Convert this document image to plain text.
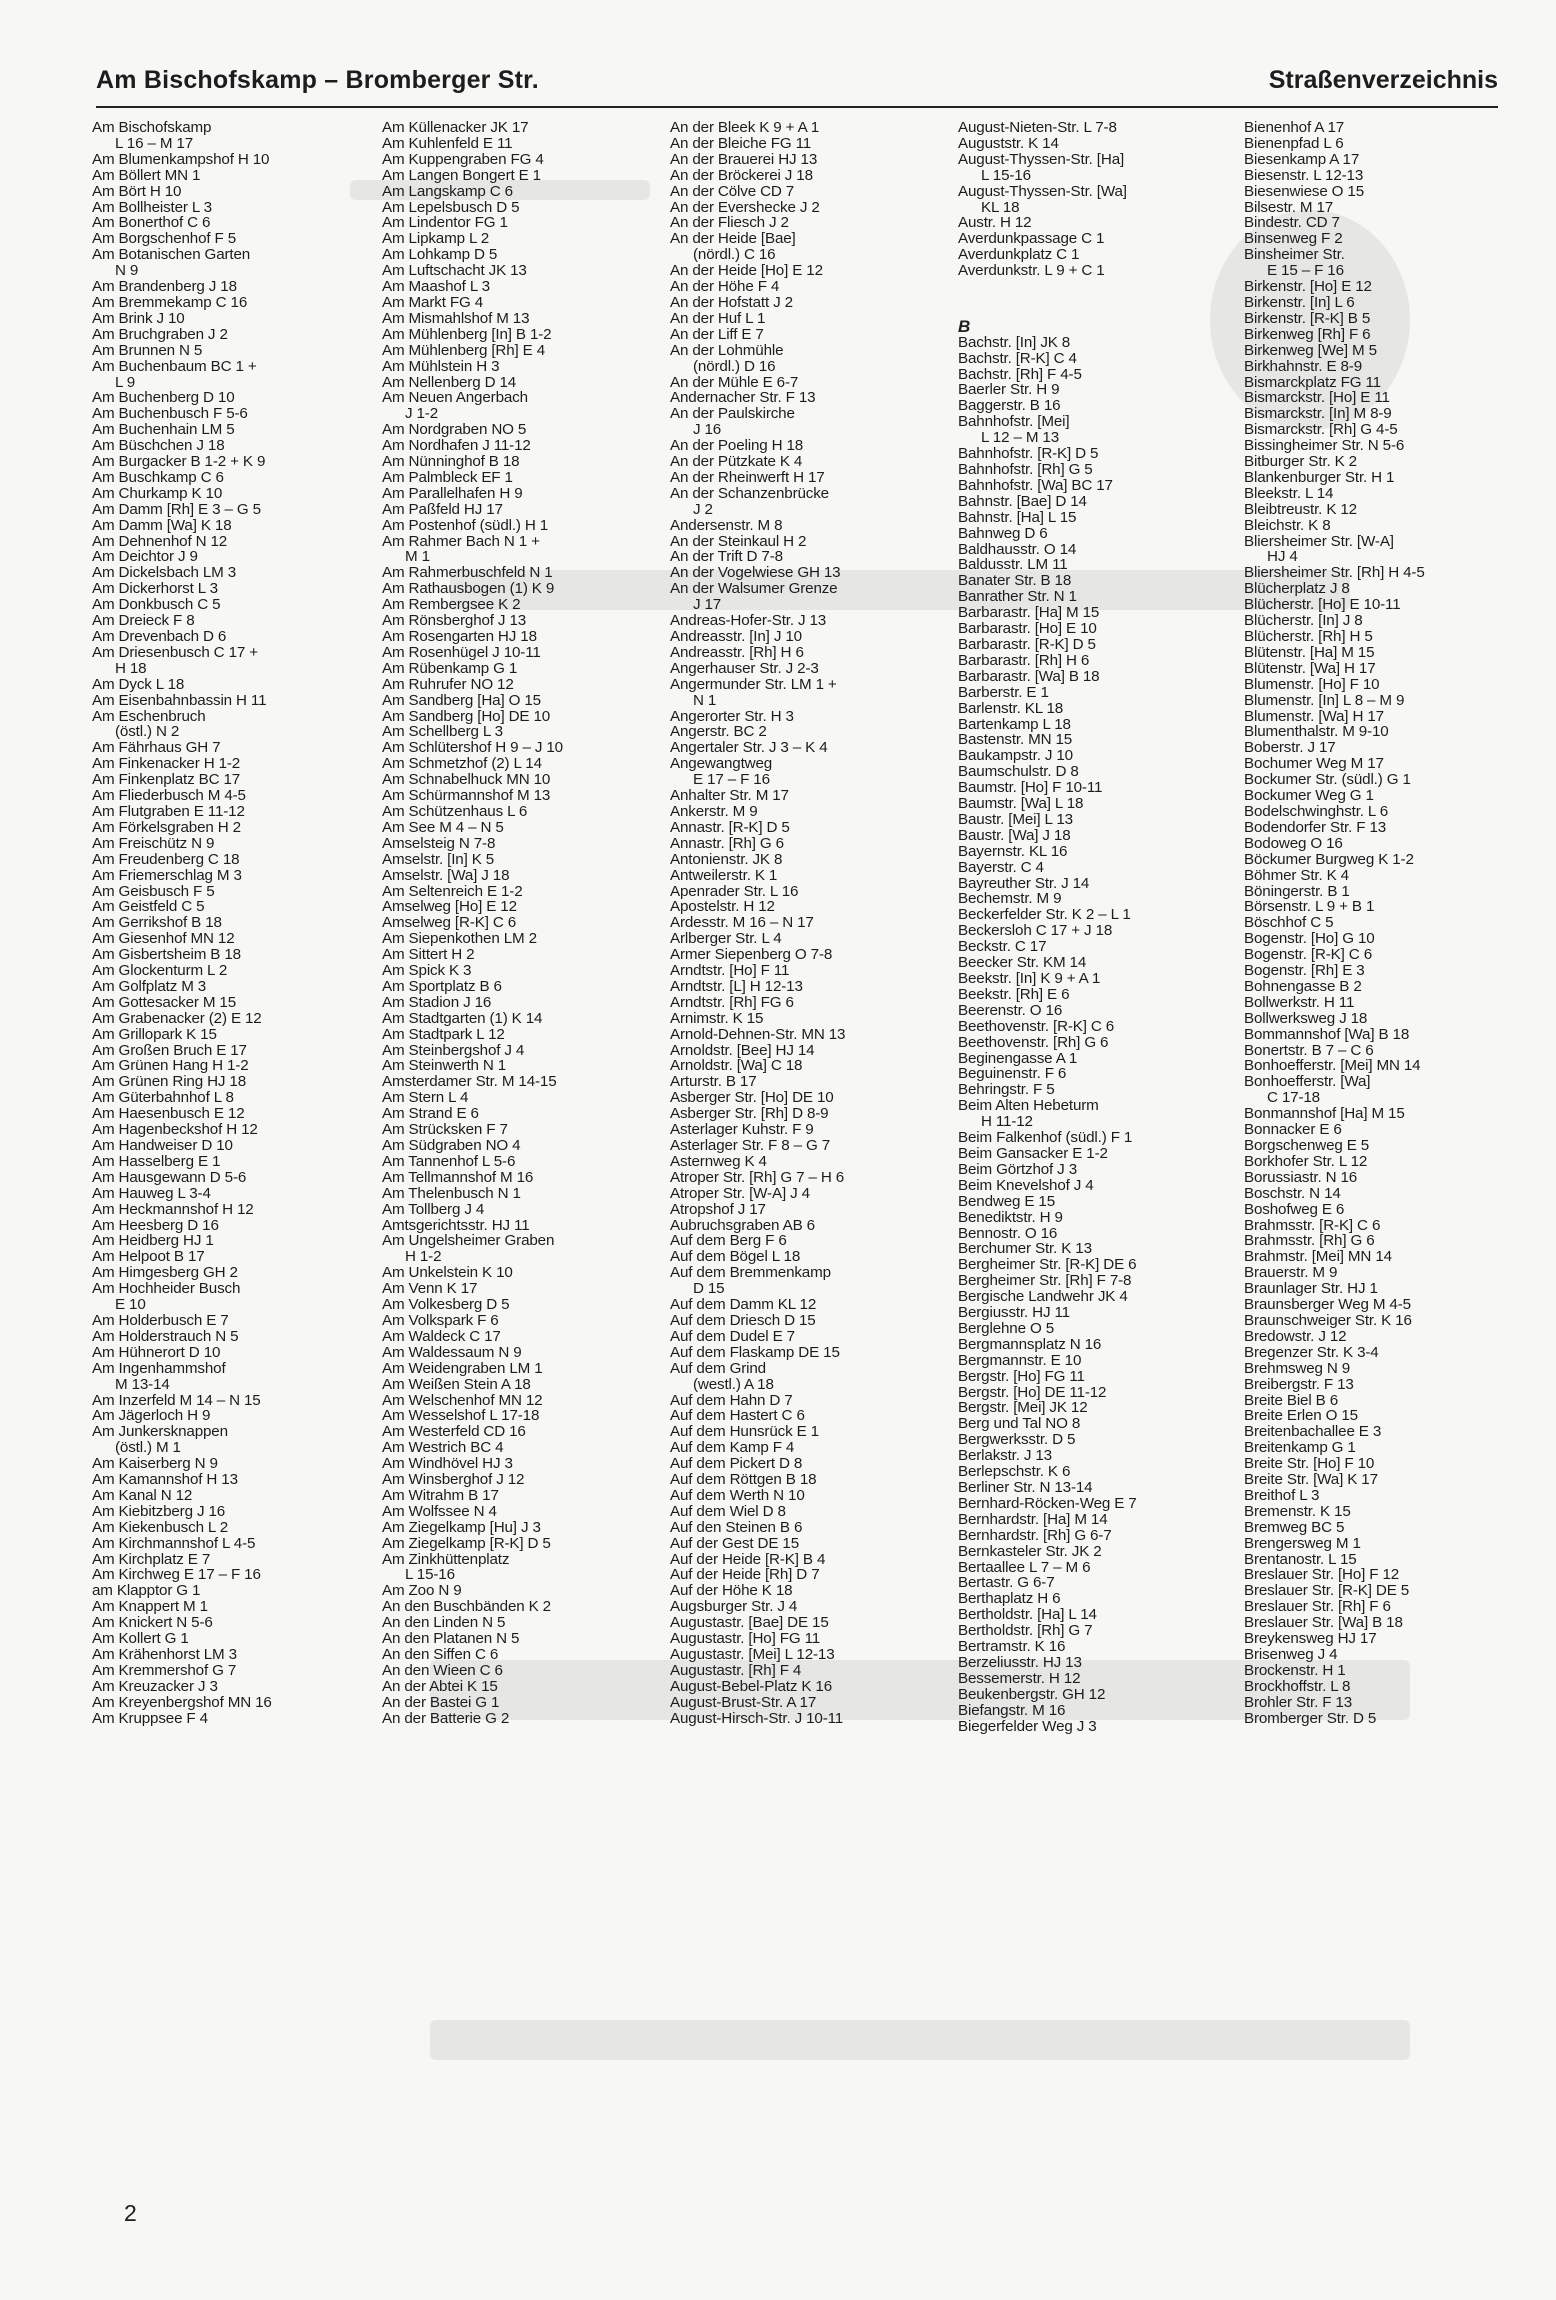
Am Bischofskamp – Bromberger Str.	Straßenverzeichnis
Am Bischofskamp
L 16 – M 17
Am Blumenkampshof H 10
Am Böllert MN 1
Am Bört H 10
Am Bollheister L 3
Am Bonerthof C 6
Am Borgschenhof F 5
Am Botanischen Garten
N 9
Am Brandenberg J 18
Am Bremmekamp C 16
Am Brink J 10
Am Bruchgraben J 2
Am Brunnen N 5
Am Buchenbaum BC 1 +
L 9
Am Buchenberg D 10
Am Buchenbusch F 5-6
Am Buchenhain LM 5
Am Büschchen J 18
Am Burgacker B 1-2 + K 9
Am Buschkamp C 6
Am Churkamp K 10
Am Damm [Rh] E 3 – G 5
Am Damm [Wa] K 18
Am Dehnenhof N 12
Am Deichtor J 9
Am Dickelsbach LM 3
Am Dickerhorst L 3
Am Donkbusch C 5
Am Dreieck F 8
Am Drevenbach D 6
Am Driesenbusch C 17 +
H 18
Am Dyck L 18
Am Eisenbahnbassin H 11
Am Eschenbruch
(östl.) N 2
Am Fährhaus GH 7
Am Finkenacker H 1-2
Am Finkenplatz BC 17
Am Fliederbusch M 4-5
Am Flutgraben E 11-12
Am Förkelsgraben H 2
Am Freischütz N 9
Am Freudenberg C 18
Am Friemerschlag M 3
Am Geisbusch F 5
Am Geistfeld C 5
Am Gerrikshof B 18
Am Giesenhof MN 12
Am Gisbertsheim B 18
Am Glockenturm L 2
Am Golfplatz M 3
Am Gottesacker M 15
Am Grabenacker (2) E 12
Am Grillopark K 15
Am Großen Bruch E 17
Am Grünen Hang H 1-2
Am Grünen Ring HJ 18
Am Güterbahnhof L 8
Am Haesenbusch E 12
Am Hagenbeckshof H 12
Am Handweiser D 10
Am Hasselberg E 1
Am Hausgewann D 5-6
Am Hauweg L 3-4
Am Heckmannshof H 12
Am Heesberg D 16
Am Heidberg HJ 1
Am Helpoot B 17
Am Himgesberg GH 2
Am Hochheider Busch
E 10
Am Holderbusch E 7
Am Holderstrauch N 5
Am Hühnerort D 10
Am Ingenhammshof
M 13-14
Am Inzerfeld M 14 – N 15
Am Jägerloch H 9
Am Junkersknappen
(östl.) M 1
Am Kaiserberg N 9
Am Kamannshof H 13
Am Kanal N 12
Am Kiebitzberg J 16
Am Kiekenbusch L 2
Am Kirchmannshof L 4-5
Am Kirchplatz E 7
Am Kirchweg E 17 – F 16
am Klapptor G 1
Am Knappert M 1
Am Knickert N 5-6
Am Kollert G 1
Am Krähenhorst LM 3
Am Kremmershof G 7
Am Kreuzacker J 3
Am Kreyenbergshof MN 16
Am Kruppsee F 4
Am Küllenacker JK 17
Am Kuhlenfeld E 11
Am Kuppengraben FG 4
Am Langen Bongert E 1
Am Langskamp C 6
Am Lepelsbusch D 5
Am Lindentor FG 1
Am Lipkamp L 2
Am Lohkamp D 5
Am Luftschacht JK 13
Am Maashof L 3
Am Markt FG 4
Am Mismahlshof M 13
Am Mühlenberg [In] B 1-2
Am Mühlenberg [Rh] E 4
Am Mühlstein H 3
Am Nellenberg D 14
Am Neuen Angerbach
J 1-2
Am Nordgraben NO 5
Am Nordhafen J 11-12
Am Nünninghof B 18
Am Palmbleck EF 1
Am Parallelhafen H 9
Am Paßfeld HJ 17
Am Postenhof (südl.) H 1
Am Rahmer Bach N 1 +
M 1
Am Rahmerbuschfeld N 1
Am Rathausbogen (1) K 9
Am Rembergsee K 2
Am Rönsberghof J 13
Am Rosengarten HJ 18
Am Rosenhügel J 10-11
Am Rübenkamp G 1
Am Ruhrufer NO 12
Am Sandberg [Ha] O 15
Am Sandberg [Ho] DE 10
Am Schellberg L 3
Am Schlütershof H 9 – J 10
Am Schmetzhof (2) L 14
Am Schnabelhuck MN 10
Am Schürmannshof M 13
Am Schützenhaus L 6
Am See M 4 – N 5
Amselsteig N 7-8
Amselstr. [In] K 5
Amselstr. [Wa] J 18
Am Seltenreich E 1-2
Amselweg [Ho] E 12
Amselweg [R-K] C 6
Am Siepenkothen LM 2
Am Sittert H 2
Am Spick K 3
Am Sportplatz B 6
Am Stadion J 16
Am Stadtgarten (1) K 14
Am Stadtpark L 12
Am Steinbergshof J 4
Am Steinwerth N 1
Amsterdamer Str. M 14-15
Am Stern L 4
Am Strand E 6
Am Strücksken F 7
Am Südgraben NO 4
Am Tannenhof L 5-6
Am Tellmannshof M 16
Am Thelenbusch N 1
Am Tollberg J 4
Amtsgerichtsstr. HJ 11
Am Ungelsheimer Graben
H 1-2
Am Unkelstein K 10
Am Venn K 17
Am Volkesberg D 5
Am Volkspark F 6
Am Waldeck C 17
Am Waldessaum N 9
Am Weidengraben LM 1
Am Weißen Stein A 18
Am Welschenhof MN 12
Am Wesselshof L 17-18
Am Westerfeld CD 16
Am Westrich BC 4
Am Windhövel HJ 3
Am Winsberghof J 12
Am Witrahm B 17
Am Wolfssee N 4
Am Ziegelkamp [Hu] J 3
Am Ziegelkamp [R-K] D 5
Am Zinkhüttenplatz
L 15-16
Am Zoo N 9
An den Buschbänden K 2
An den Linden N 5
An den Platanen N 5
An den Siffen C 6
An den Wieen C 6
An der Abtei K 15
An der Bastei G 1
An der Batterie G 2
An der Bleek K 9 + A 1
An der Bleiche FG 11
An der Brauerei HJ 13
An der Bröckerei J 18
An der Cölve CD 7
An der Evershecke J 2
An der Fliesch J 2
An der Heide [Bae]
(nördl.) C 16
An der Heide [Ho] E 12
An der Höhe F 4
An der Hofstatt J 2
An der Huf L 1
An der Liff E 7
An der Lohmühle
(nördl.) D 16
An der Mühle E 6-7
Andernacher Str. F 13
An der Paulskirche
J 16
An der Poeling H 18
An der Pützkate K 4
An der Rheinwerft H 17
An der Schanzenbrücke
J 2
Andersenstr. M 8
An der Steinkaul H 2
An der Trift D 7-8
An der Vogelwiese GH 13
An der Walsumer Grenze
J 17
Andreas-Hofer-Str. J 13
Andreasstr. [In] J 10
Andreasstr. [Rh] H 6
Angerhauser Str. J 2-3
Angermunder Str. LM 1 +
N 1
Angerorter Str. H 3
Angerstr. BC 2
Angertaler Str. J 3 – K 4
Angewangtweg
E 17 – F 16
Anhalter Str. M 17
Ankerstr. M 9
Annastr. [R-K] D 5
Annastr. [Rh] G 6
Antonienstr. JK 8
Antweilerstr. K 1
Apenrader Str. L 16
Apostelstr. H 12
Ardesstr. M 16 – N 17
Arlberger Str. L 4
Armer Siepenberg O 7-8
Arndtstr. [Ho] F 11
Arndtstr. [L] H 12-13
Arndtstr. [Rh] FG 6
Arnimstr. K 15
Arnold-Dehnen-Str. MN 13
Arnoldstr. [Bee] HJ 14
Arnoldstr. [Wa] C 18
Arturstr. B 17
Asberger Str. [Ho] DE 10
Asberger Str. [Rh] D 8-9
Asterlager Kuhstr. F 9
Asterlager Str. F 8 – G 7
Asternweg K 4
Atroper Str. [Rh] G 7 – H 6
Atroper Str. [W-A] J 4
Atropshof J 17
Aubruchsgraben AB 6
Auf dem Berg F 6
Auf dem Bögel L 18
Auf dem Bremmenkamp
D 15
Auf dem Damm KL 12
Auf dem Driesch D 15
Auf dem Dudel E 7
Auf dem Flaskamp DE 15
Auf dem Grind
(westl.) A 18
Auf dem Hahn D 7
Auf dem Hastert C 6
Auf dem Hunsrück E 1
Auf dem Kamp F 4
Auf dem Pickert D 8
Auf dem Röttgen B 18
Auf dem Werth N 10
Auf dem Wiel D 8
Auf den Steinen B 6
Auf der Gest DE 15
Auf der Heide [R-K] B 4
Auf der Heide [Rh] D 7
Auf der Höhe K 18
Augsburger Str. J 4
Augustastr. [Bae] DE 15
Augustastr. [Ho] FG 11
Augustastr. [Mei] L 12-13
Augustastr. [Rh] F 4
August-Bebel-Platz K 16
August-Brust-Str. A 17
August-Hirsch-Str. J 10-11
August-Nieten-Str. L 7-8
Auguststr. K 14
August-Thyssen-Str. [Ha]
L 15-16
August-Thyssen-Str. [Wa]
KL 18
Austr. H 12
Averdunkpassage C 1
Averdunkplatz C 1
Averdunkstr. L 9 + C 1
B
Bachstr. [In] JK 8
Bachstr. [R-K] C 4
Bachstr. [Rh] F 4-5
Baerler Str. H 9
Baggerstr. B 16
Bahnhofstr. [Mei]
L 12 – M 13
Bahnhofstr. [R-K] D 5
Bahnhofstr. [Rh] G 5
Bahnhofstr. [Wa] BC 17
Bahnstr. [Bae] D 14
Bahnstr. [Ha] L 15
Bahnweg D 6
Baldhausstr. O 14
Baldusstr. LM 11
Banater Str. B 18
Banrather Str. N 1
Barbarastr. [Ha] M 15
Barbarastr. [Ho] E 10
Barbarastr. [R-K] D 5
Barbarastr. [Rh] H 6
Barbarastr. [Wa] B 18
Barberstr. E 1
Barlenstr. KL 18
Bartenkamp L 18
Bastenstr. MN 15
Baukampstr. J 10
Baumschulstr. D 8
Baumstr. [Ho] F 10-11
Baumstr. [Wa] L 18
Baustr. [Mei] L 13
Baustr. [Wa] J 18
Bayernstr. KL 16
Bayerstr. C 4
Bayreuther Str. J 14
Bechemstr. M 9
Beckerfelder Str. K 2 – L 1
Beckersloh C 17 + J 18
Beckstr. C 17
Beecker Str. KM 14
Beekstr. [In] K 9 + A 1
Beekstr. [Rh] E 6
Beerenstr. O 16
Beethovenstr. [R-K] C 6
Beethovenstr. [Rh] G 6
Beginengasse A 1
Beguinenstr. F 6
Behringstr. F 5
Beim Alten Hebeturm
H 11-12
Beim Falkenhof (südl.) F 1
Beim Gansacker E 1-2
Beim Görtzhof J 3
Beim Knevelshof J 4
Bendweg E 15
Benediktstr. H 9
Bennostr. O 16
Berchumer Str. K 13
Bergheimer Str. [R-K] DE 6
Bergheimer Str. [Rh] F 7-8
Bergische Landwehr JK 4
Bergiusstr. HJ 11
Berglehne O 5
Bergmannsplatz N 16
Bergmannstr. E 10
Bergstr. [Ho] FG 11
Bergstr. [Ho] DE 11-12
Bergstr. [Mei] JK 12
Berg und Tal NO 8
Bergwerksstr. D 5
Berlakstr. J 13
Berlepschstr. K 6
Berliner Str. N 13-14
Bernhard-Röcken-Weg E 7
Bernhardstr. [Ha] M 14
Bernhardstr. [Rh] G 6-7
Bernkasteler Str. JK 2
Bertaallee L 7 – M 6
Bertastr. G 6-7
Berthaplatz H 6
Bertholdstr. [Ha] L 14
Bertholdstr. [Rh] G 7
Bertramstr. K 16
Berzeliusstr. HJ 13
Bessemerstr. H 12
Beukenbergstr. GH 12
Biefangstr. M 16
Biegerfelder Weg J 3
Bienenhof A 17
Bienenpfad L 6
Biesenkamp A 17
Biesenstr. L 12-13
Biesenwiese O 15
Bilsestr. M 17
Bindestr. CD 7
Binsenweg F 2
Binsheimer Str.
E 15 – F 16
Birkenstr. [Ho] E 12
Birkenstr. [In] L 6
Birkenstr. [R-K] B 5
Birkenweg [Rh] F 6
Birkenweg [We] M 5
Birkhahnstr. E 8-9
Bismarckplatz FG 11
Bismarckstr. [Ho] E 11
Bismarckstr. [In] M 8-9
Bismarckstr. [Rh] G 4-5
Bissingheimer Str. N 5-6
Bitburger Str. K 2
Blankenburger Str. H 1
Bleekstr. L 14
Bleibtreustr. K 12
Bleichstr. K 8
Bliersheimer Str. [W-A]
HJ 4
Bliersheimer Str. [Rh] H 4-5
Blücherplatz J 8
Blücherstr. [Ho] E 10-11
Blücherstr. [In] J 8
Blücherstr. [Rh] H 5
Blütenstr. [Ha] M 15
Blütenstr. [Wa] H 17
Blumenstr. [Ho] F 10
Blumenstr. [In] L 8 – M 9
Blumenstr. [Wa] H 17
Blumenthalstr. M 9-10
Boberstr. J 17
Bochumer Weg M 17
Bockumer Str. (südl.) G 1
Bockumer Weg G 1
Bodelschwinghstr. L 6
Bodendorfer Str. F 13
Bodoweg O 16
Böckumer Burgweg K 1-2
Böhmer Str. K 4
Böningerstr. B 1
Börsenstr. L 9 + B 1
Böschhof C 5
Bogenstr. [Ho] G 10
Bogenstr. [R-K] C 6
Bogenstr. [Rh] E 3
Bohnengasse B 2
Bollwerkstr. H 11
Bollwerksweg J 18
Bommannshof [Wa] B 18
Bonertstr. B 7 – C 6
Bonhoefferstr. [Mei] MN 14
Bonhoefferstr. [Wa]
C 17-18
Bonmannshof [Ha] M 15
Bonnacker E 6
Borgschenweg E 5
Borkhofer Str. L 12
Borussiastr. N 16
Boschstr. N 14
Boshofweg E 6
Brahmsstr. [R-K] C 6
Brahmsstr. [Rh] G 6
Brahmstr. [Mei] MN 14
Brauerstr. M 9
Braunlager Str. HJ 1
Braunsberger Weg M 4-5
Braunschweiger Str. K 16
Bredowstr. J 12
Bregenzer Str. K 3-4
Brehmsweg N 9
Breibergstr. F 13
Breite Biel B 6
Breite Erlen O 15
Breitenbachallee E 3
Breitenkamp G 1
Breite Str. [Ho] F 10
Breite Str. [Wa] K 17
Breithof L 3
Bremenstr. K 15
Bremweg BC 5
Brengersweg M 1
Brentanostr. L 15
Breslauer Str. [Ho] F 12
Breslauer Str. [R-K] DE 5
Breslauer Str. [Rh] F 6
Breslauer Str. [Wa] B 18
Breykensweg HJ 17
Brisenweg J 4
Brockenstr. H 1
Brockhoffstr. L 8
Brohler Str. F 13
Bromberger Str. D 5
2
